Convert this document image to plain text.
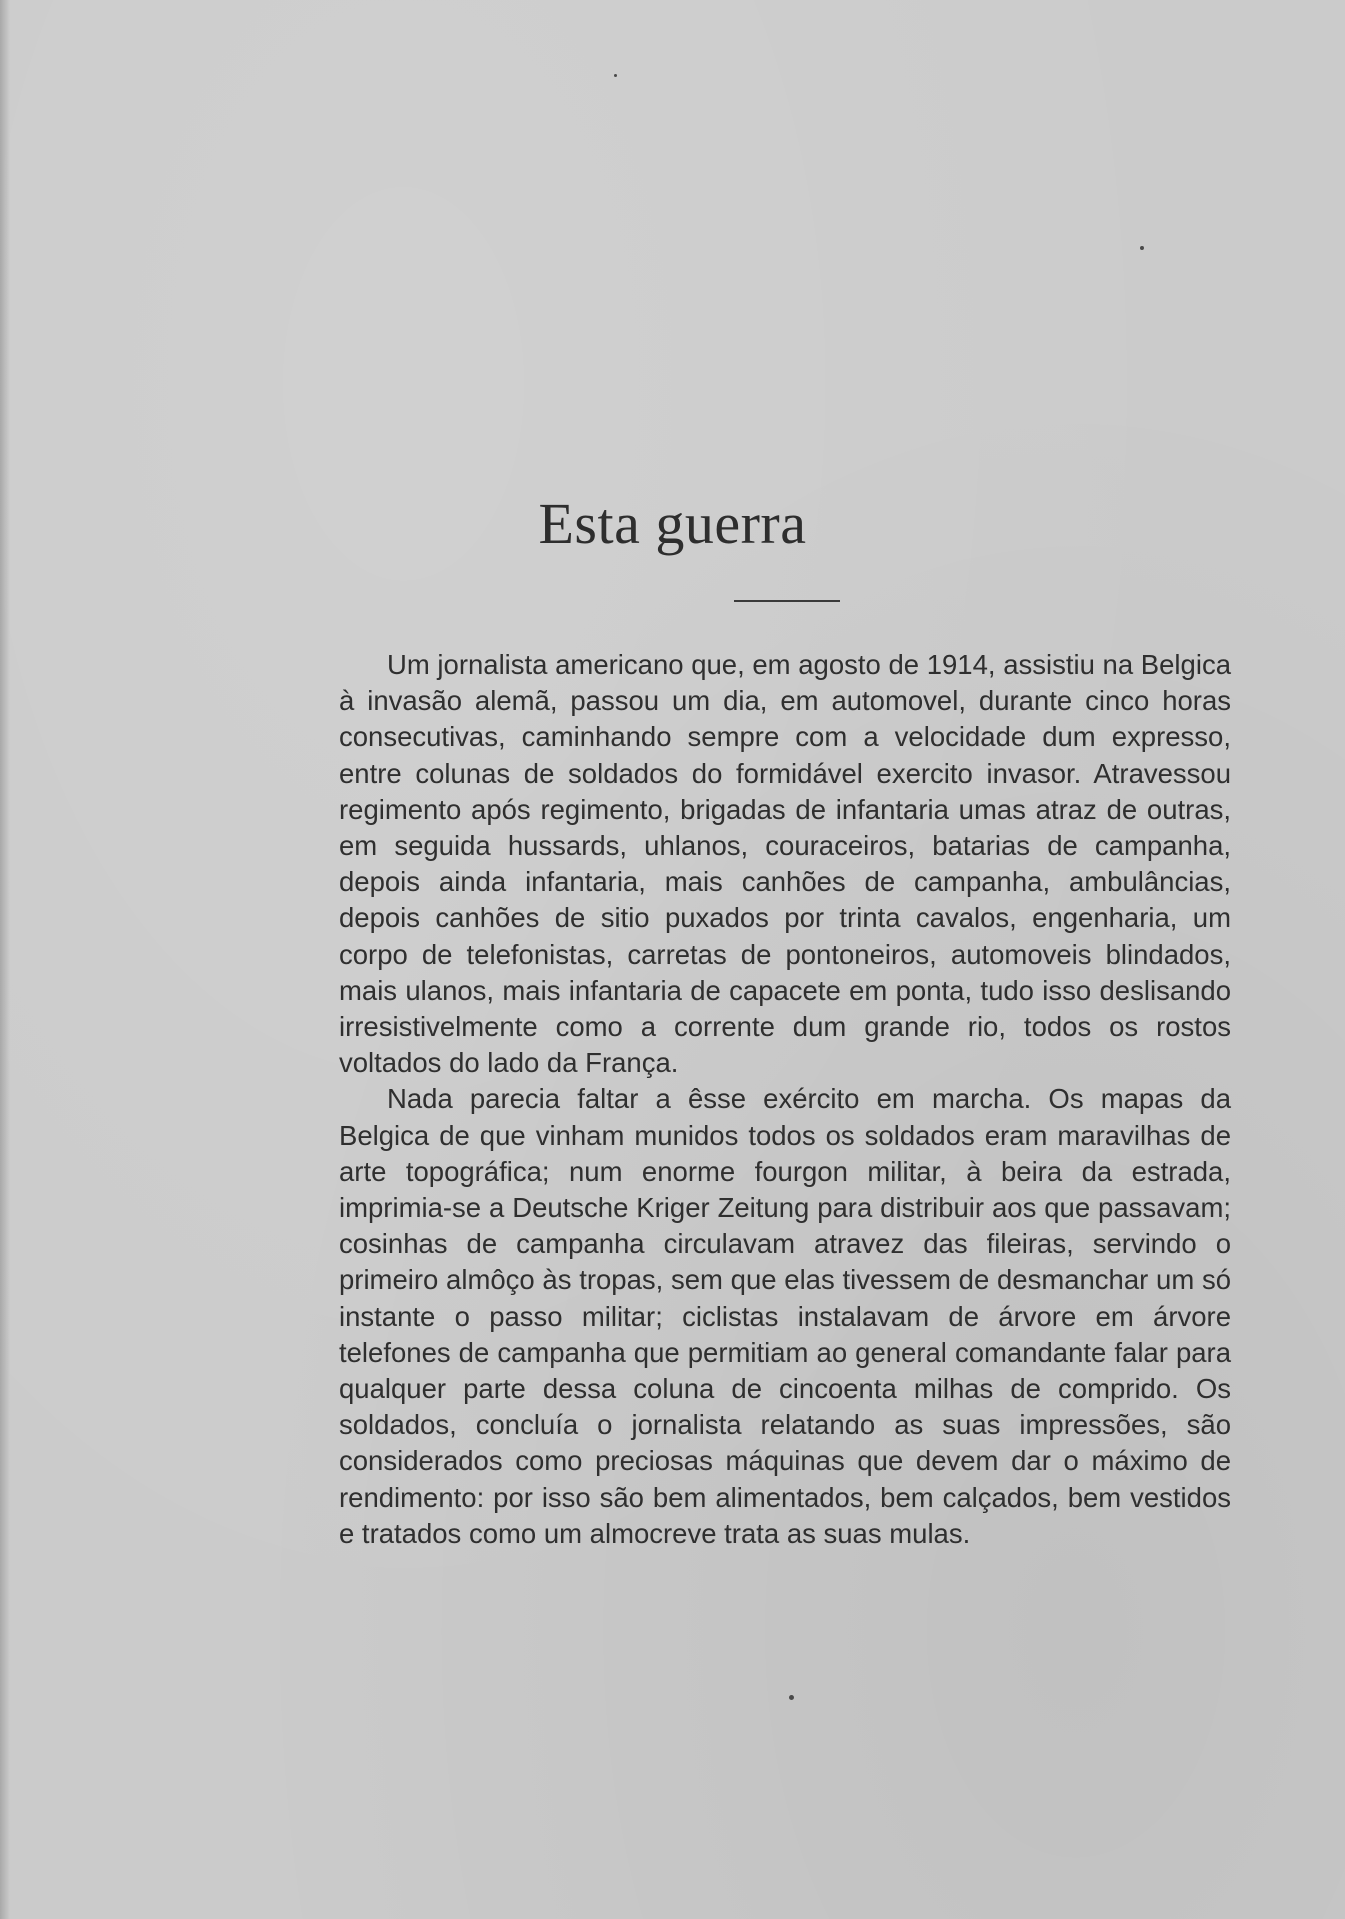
Esta guerra

Um jornalista americano que, em agosto de 1914, assistiu na Belgica à invasão alemã, passou um dia, em automovel, durante cinco horas consecutivas, caminhando sempre com a velocidade dum expresso, entre colunas de soldados do formidável exercito invasor. Atravessou regimento após regimento, brigadas de infantaria umas atraz de outras, em seguida hussards, uhlanos, couraceiros, batarias de campanha, depois ainda infantaria, mais canhões de campanha, ambulâncias, depois canhões de sitio puxados por trinta cavalos, engenharia, um corpo de telefonistas, carretas de pontoneiros, automoveis blindados, mais ulanos, mais infantaria de capacete em ponta, tudo isso deslisando irresistivelmente como a corrente dum grande rio, todos os rostos voltados do lado da França.

Nada parecia faltar a êsse exército em marcha. Os mapas da Belgica de que vinham munidos todos os soldados eram maravilhas de arte topográfica; num enorme fourgon militar, à beira da estrada, imprimia-se a Deutsche Kriger Zeitung para distribuir aos que passavam; cosinhas de campanha circulavam atravez das fileiras, servindo o primeiro almôço às tropas, sem que elas tivessem de desmanchar um só instante o passo militar; ciclistas instalavam de árvore em árvore telefones de campanha que permitiam ao general comandante falar para qualquer parte dessa coluna de cincoenta milhas de comprido. Os soldados, concluía o jornalista relatando as suas impressões, são considerados como preciosas máquinas que devem dar o máximo de rendimento: por isso são bem alimentados, bem calçados, bem vestidos e tratados como um almocreve trata as suas mulas.
